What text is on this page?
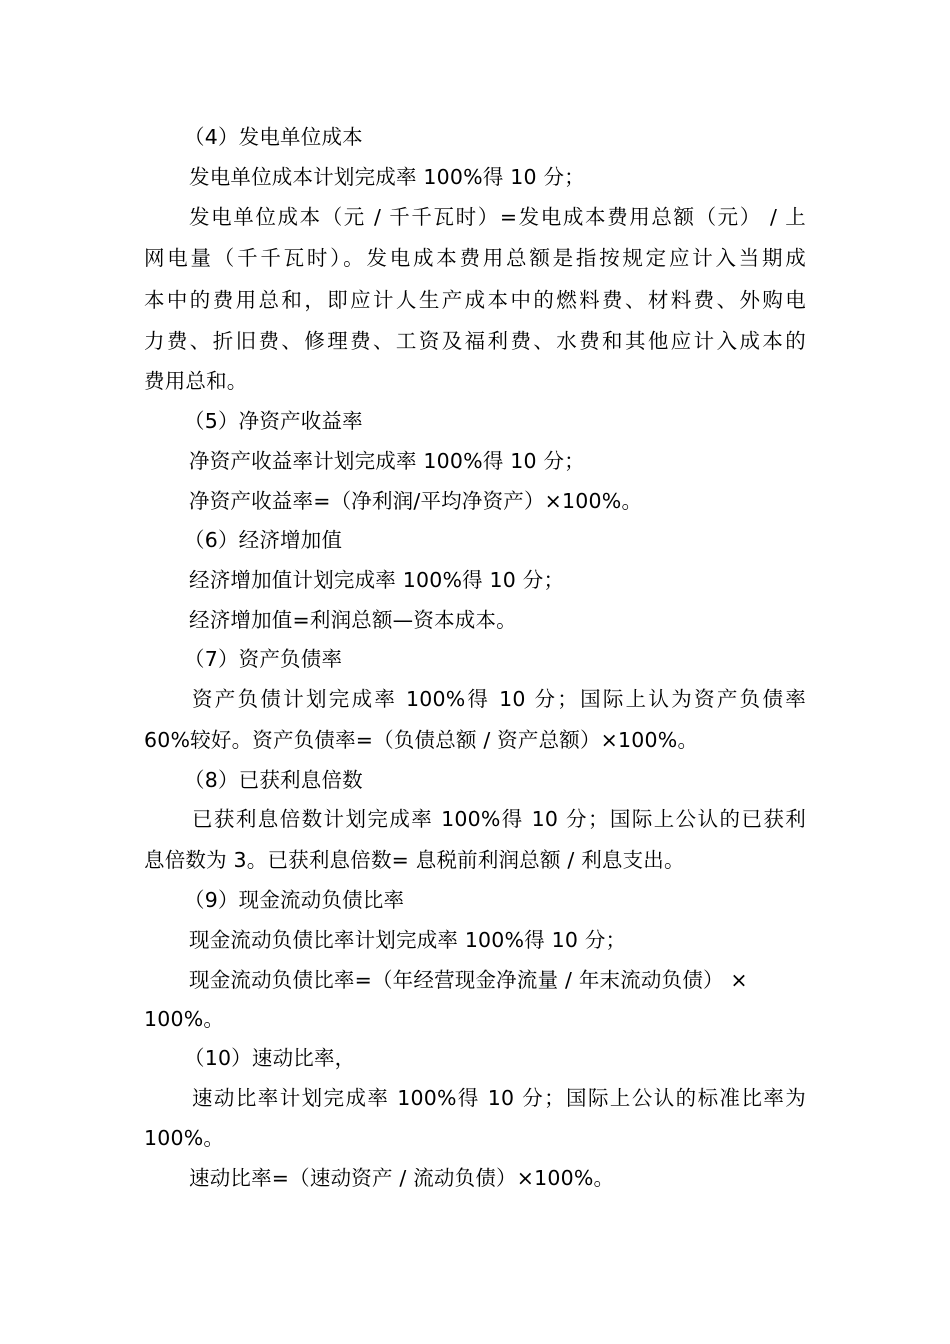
（4）发电单位成本
发电单位成本计划完成率 100%得 10 分；
发电单位成本（元 / 千千瓦时）=发电成本费用总额（元） / 上
网电量（千千瓦时）。发电成本费用总额是指按规定应计入当期成
本中的费用总和，即应计人生产成本中的燃料费、材料费、外购电
力费、折旧费、修理费、工资及福利费、水费和其他应计入成本的
费用总和。
（5）净资产收益率
净资产收益率计划完成率 100%得 10 分；
净资产收益率=（净利润/平均净资产）×100%。
（6）经济增加值
经济增加值计划完成率 100%得 10 分；
经济增加值=利润总额—资本成本。
（7）资产负债率
资产负债计划完成率 100%得 10 分；国际上认为资产负债率
60%较好。资产负债率=（负债总额 / 资产总额）×100%。
（8）已获利息倍数
已获利息倍数计划完成率 100%得 10 分；国际上公认的已获利
息倍数为 3。已获利息倍数= 息税前利润总额 / 利息支出。
（9）现金流动负债比率
现金流动负债比率计划完成率 100%得 10 分；
现金流动负债比率=（年经营现金净流量 / 年末流动负债） ×
100%。
（10）速动比率，
速动比率计划完成率 100%得 10 分；国际上公认的标准比率为
100%。
速动比率=（速动资产 / 流动负债）×100%。
